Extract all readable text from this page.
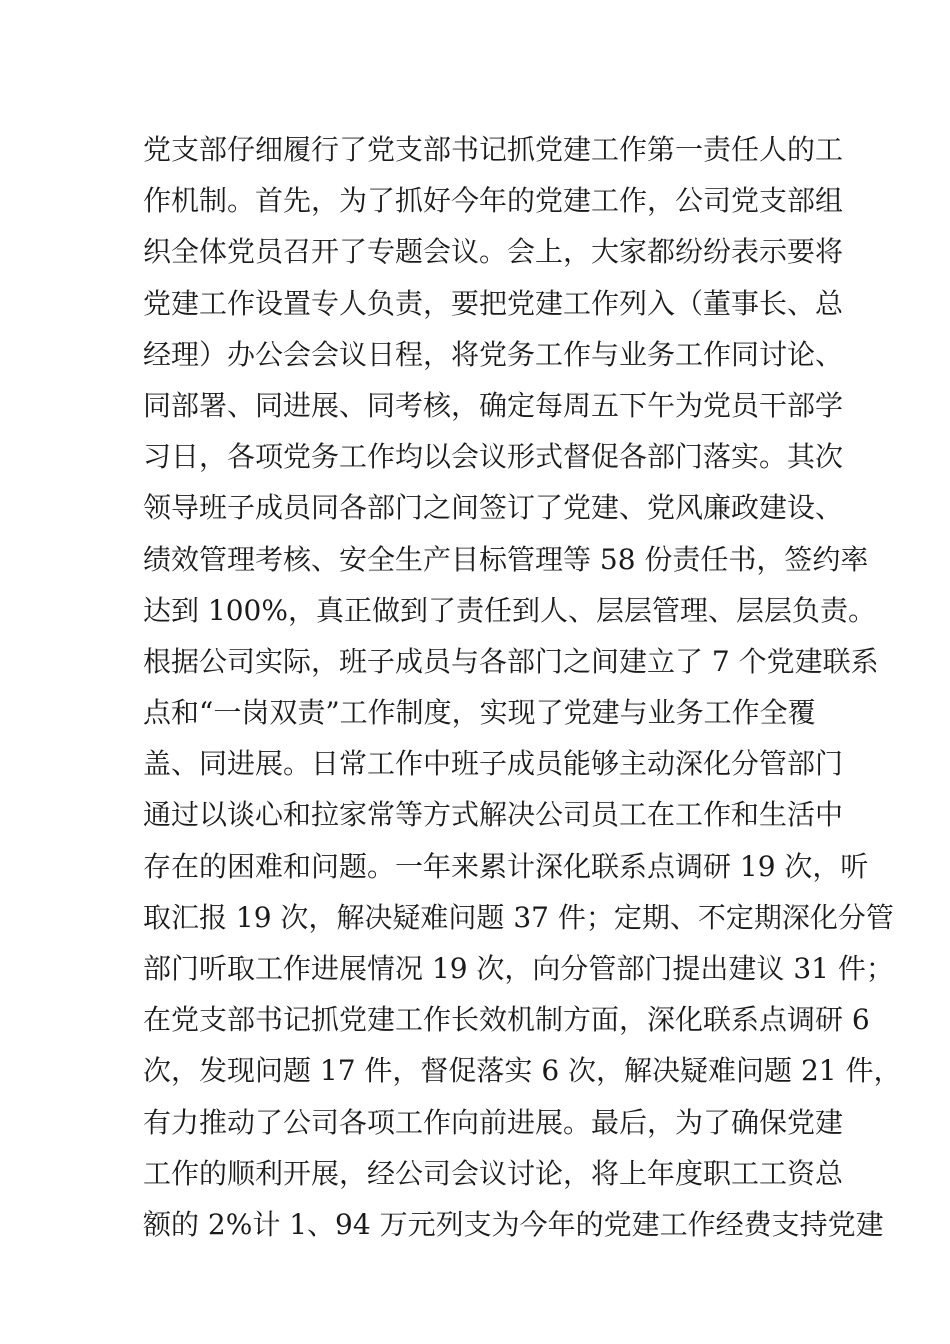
党支部仔细履行了党支部书记抓党建工作第一责任人的工
作机制。首先，为了抓好今年的党建工作，公司党支部组
织全体党员召开了专题会议。会上，大家都纷纷表示要将
党建工作设置专人负责，要把党建工作列入（董事长、总
经理）办公会会议日程，将党务工作与业务工作同讨论、
同部署、同进展、同考核，确定每周五下午为党员干部学
习日，各项党务工作均以会议形式督促各部门落实。其次
领导班子成员同各部门之间签订了党建、党风廉政建设、
绩效管理考核、安全生产目标管理等 58 份责任书，签约率
达到 100%，真正做到了责任到人、层层管理、层层负责。
根据公司实际，班子成员与各部门之间建立了 7 个党建联系
点和“一岗双责”工作制度，实现了党建与业务工作全覆
盖、同进展。日常工作中班子成员能够主动深化分管部门
通过以谈心和拉家常等方式解决公司员工在工作和生活中
存在的困难和问题。一年来累计深化联系点调研 19 次，听
取汇报 19 次，解决疑难问题 37 件；定期、不定期深化分管
部门听取工作进展情况 19 次，向分管部门提出建议 31 件；
在党支部书记抓党建工作长效机制方面，深化联系点调研 6
次，发现问题 17 件，督促落实 6 次，解决疑难问题 21 件，
有力推动了公司各项工作向前进展。最后，为了确保党建
工作的顺利开展，经公司会议讨论，将上年度职工工资总
额的 2%计 1、94 万元列支为今年的党建工作经费支持党建
